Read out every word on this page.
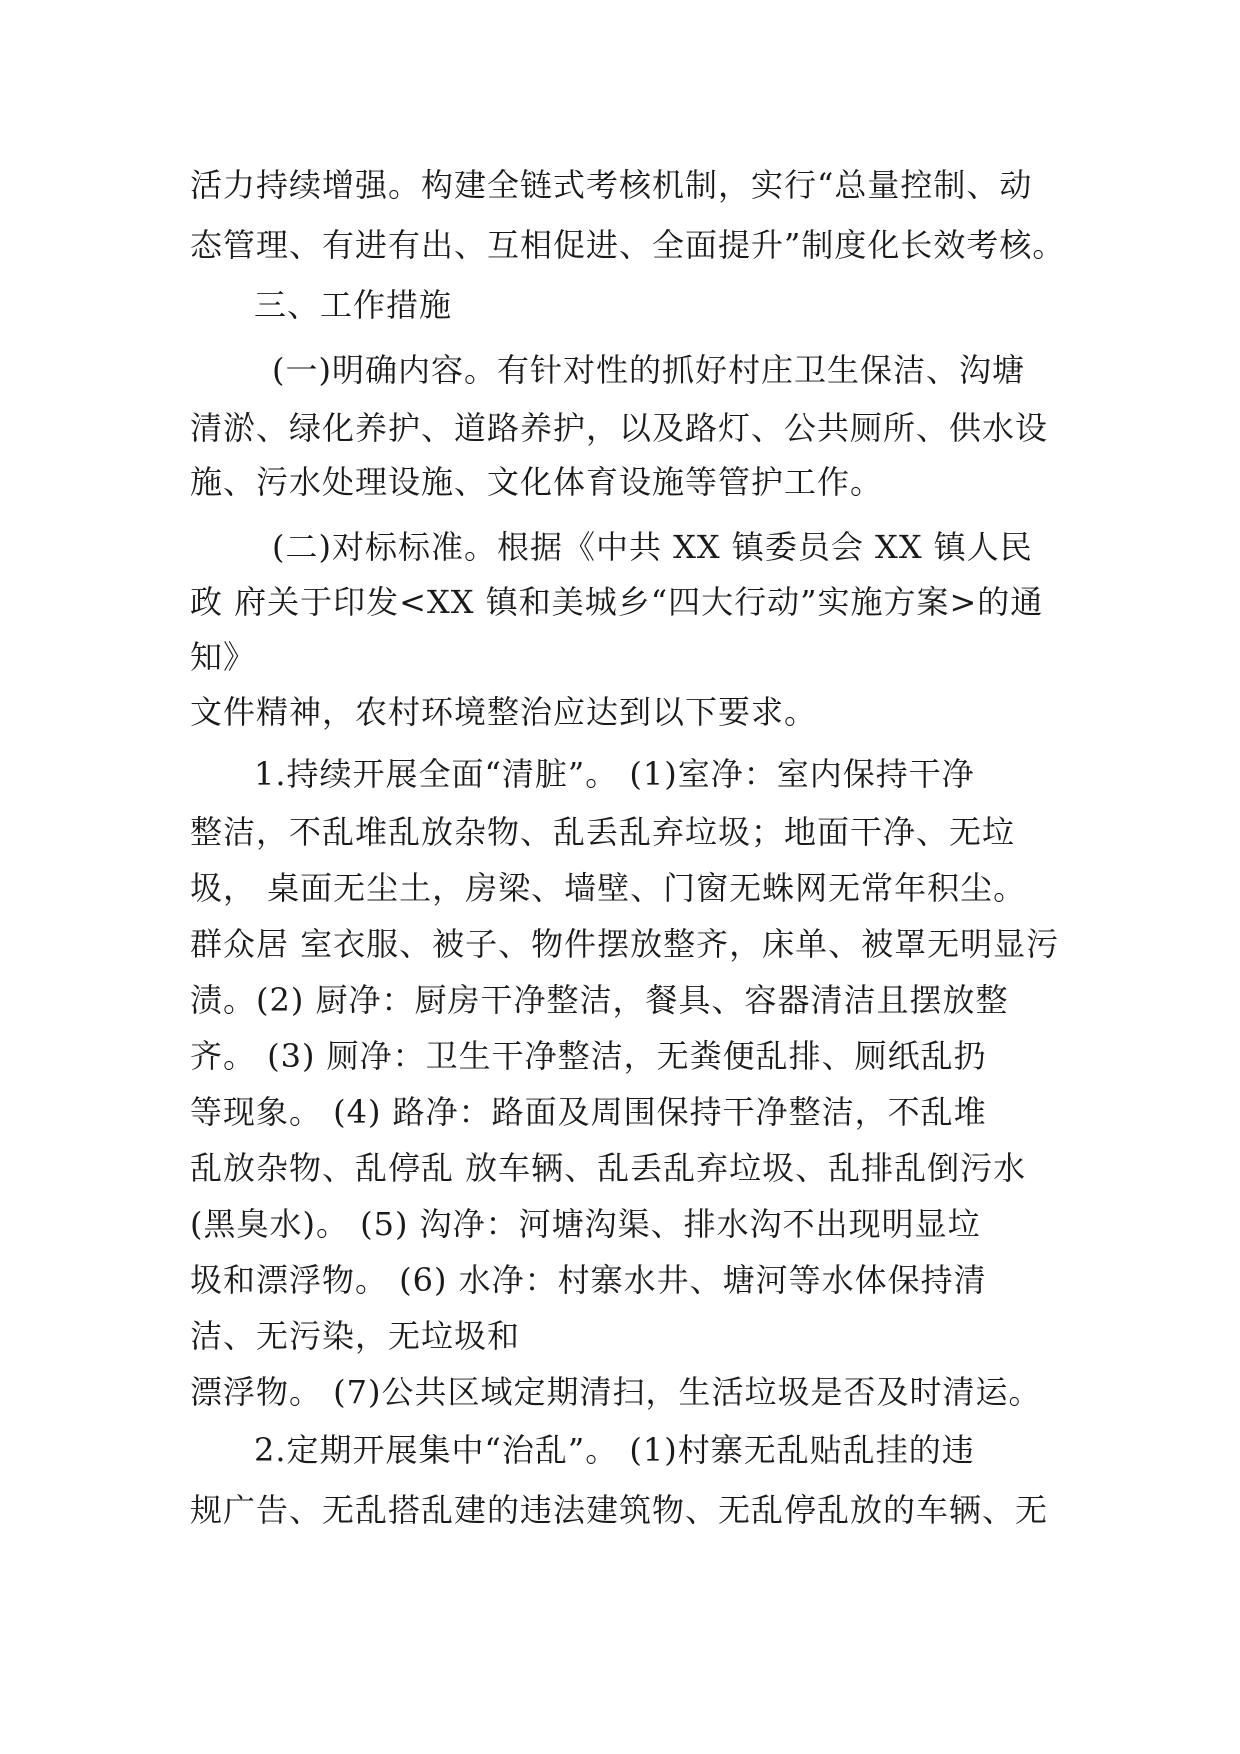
活力持续增强。构建全链式考核机制，实行“总量控制、动

态管理、有进有出、互相促进、全面提升”制度化长效考核。

三、工作措施

(一)明确内容。有针对性的抓好村庄卫生保洁、沟塘

清淤、绿化养护、道路养护，以及路灯、公共厕所、供水设

施、污水处理设施、文化体育设施等管护工作。

(二)对标标准。根据《中共 XX 镇委员会 XX 镇人民

政 府关于印发<XX 镇和美城乡“四大行动”实施方案>的通

知》

文件精神，农村环境整治应达到以下要求。

1.持续开展全面“清脏”。 (1)室净：室内保持干净

整洁，不乱堆乱放杂物、乱丢乱弃垃圾；地面干净、无垃

圾， 桌面无尘土，房梁、墙壁、门窗无蛛网无常年积尘。

群众居 室衣服、被子、物件摆放整齐，床单、被罩无明显污

渍。(2) 厨净：厨房干净整洁，餐具、容器清洁且摆放整

齐。 (3) 厕净：卫生干净整洁，无粪便乱排、厕纸乱扔

等现象。 (4) 路净：路面及周围保持干净整洁，不乱堆

乱放杂物、乱停乱 放车辆、乱丢乱弃垃圾、乱排乱倒污水

(黑臭水)。 (5) 沟净：河塘沟渠、排水沟不出现明显垃

圾和漂浮物。 (6) 水净：村寨水井、塘河等水体保持清

洁、无污染，无垃圾和

漂浮物。 (7)公共区域定期清扫，生活垃圾是否及时清运。

2.定期开展集中“治乱”。 (1)村寨无乱贴乱挂的违

规广告、无乱搭乱建的违法建筑物、无乱停乱放的车辆、无
